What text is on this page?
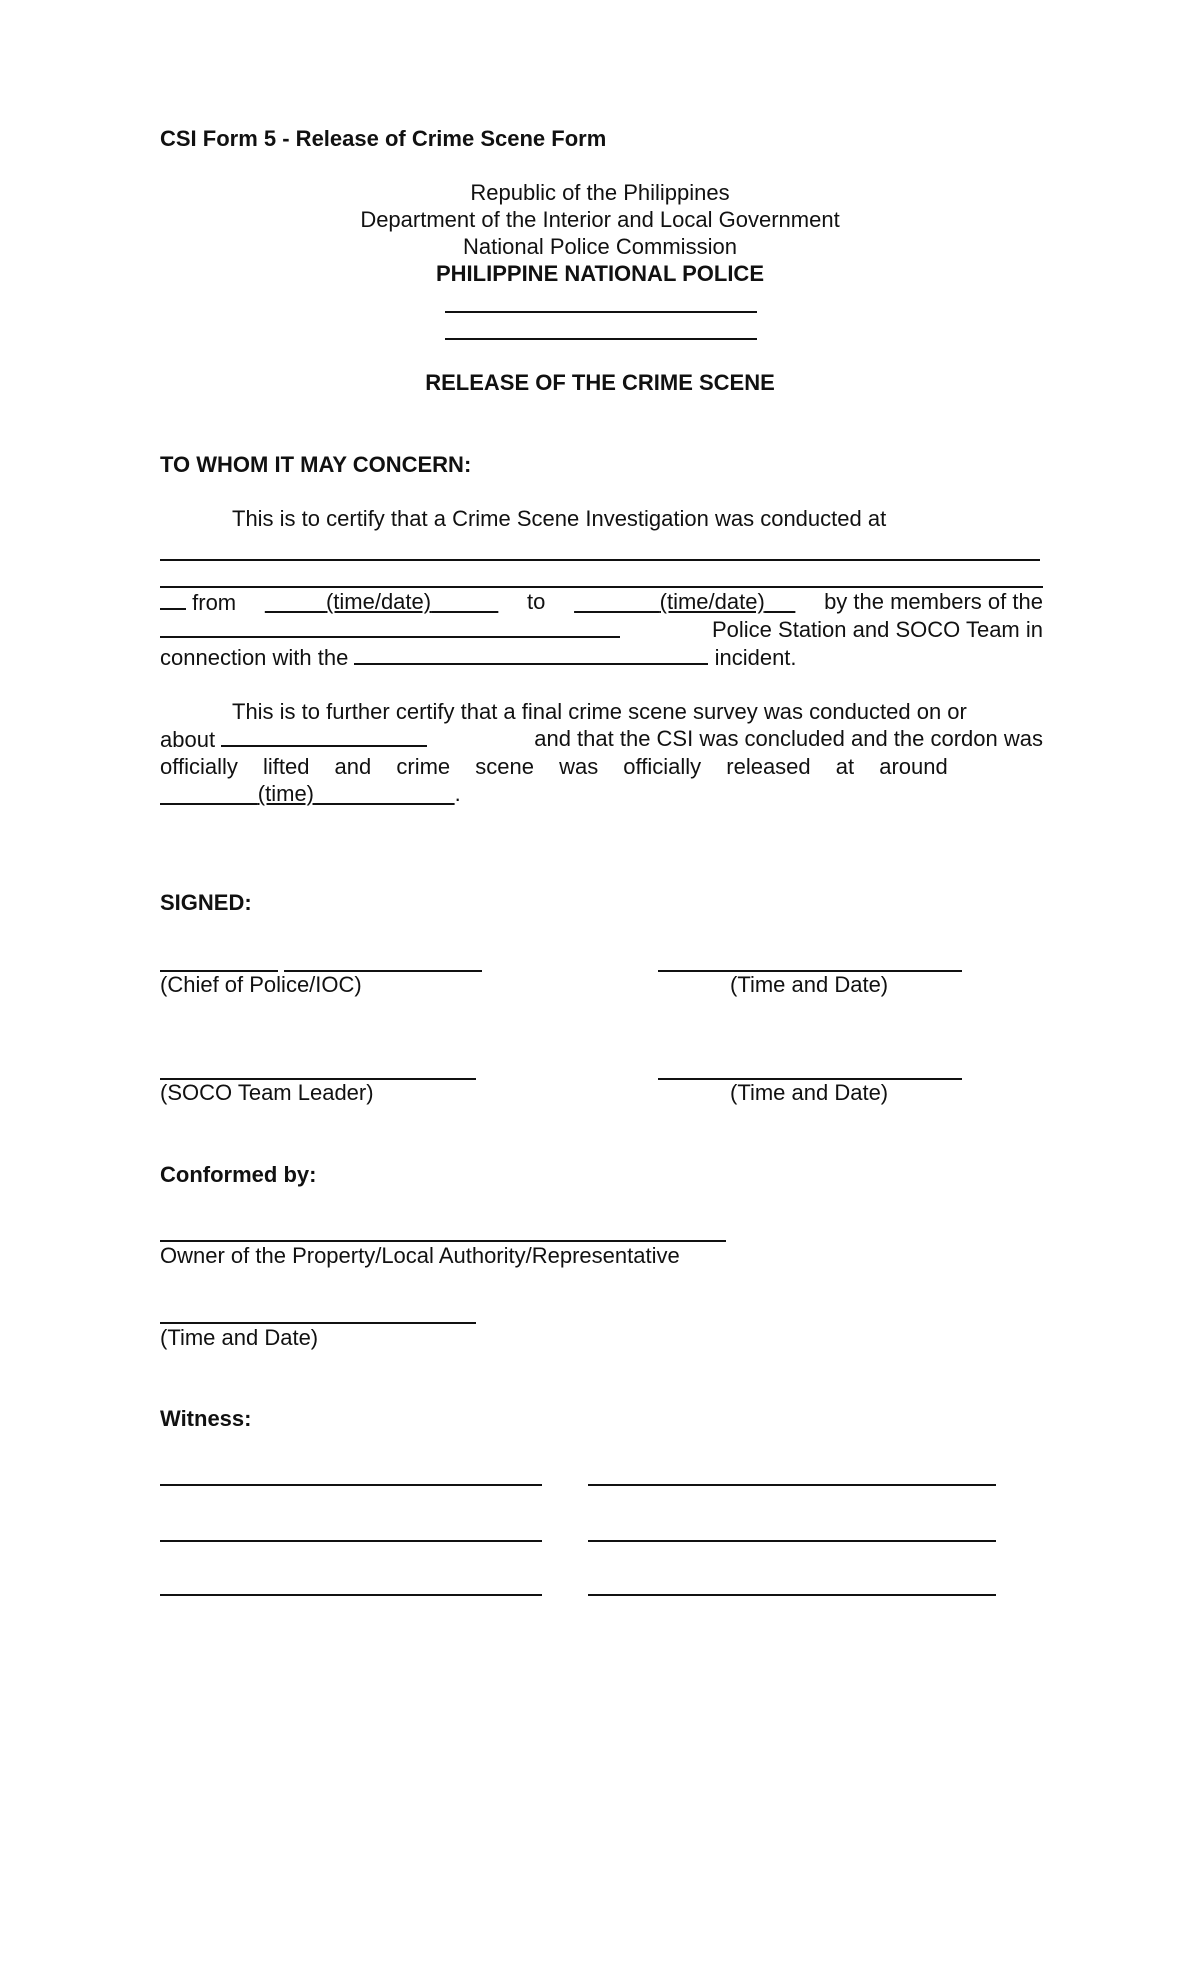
CSI Form 5 - Release of Crime Scene Form
Republic of the Philippines
Department of the Interior and Local Government
National Police Commission
PHILIPPINE NATIONAL POLICE
RELEASE OF THE CRIME SCENE
TO WHOM IT MAY CONCERN:
This is to certify that a Crime Scene Investigation was conducted at
from	(time/date)	to	(time/date)	by the members of the
Police Station and SOCO Team in
connection with the	incident.
This is to further certify that a final crime scene survey was conducted on or
about	and that the CSI was concluded and the cordon was
officially lifted and crime scene was officially released at around
(time)	.
SIGNED:
(Chief of Police/IOC)	(Time and Date)
(SOCO Team Leader)	(Time and Date)
Conformed by:
Owner of the Property/Local Authority/Representative
(Time and Date)
Witness:
